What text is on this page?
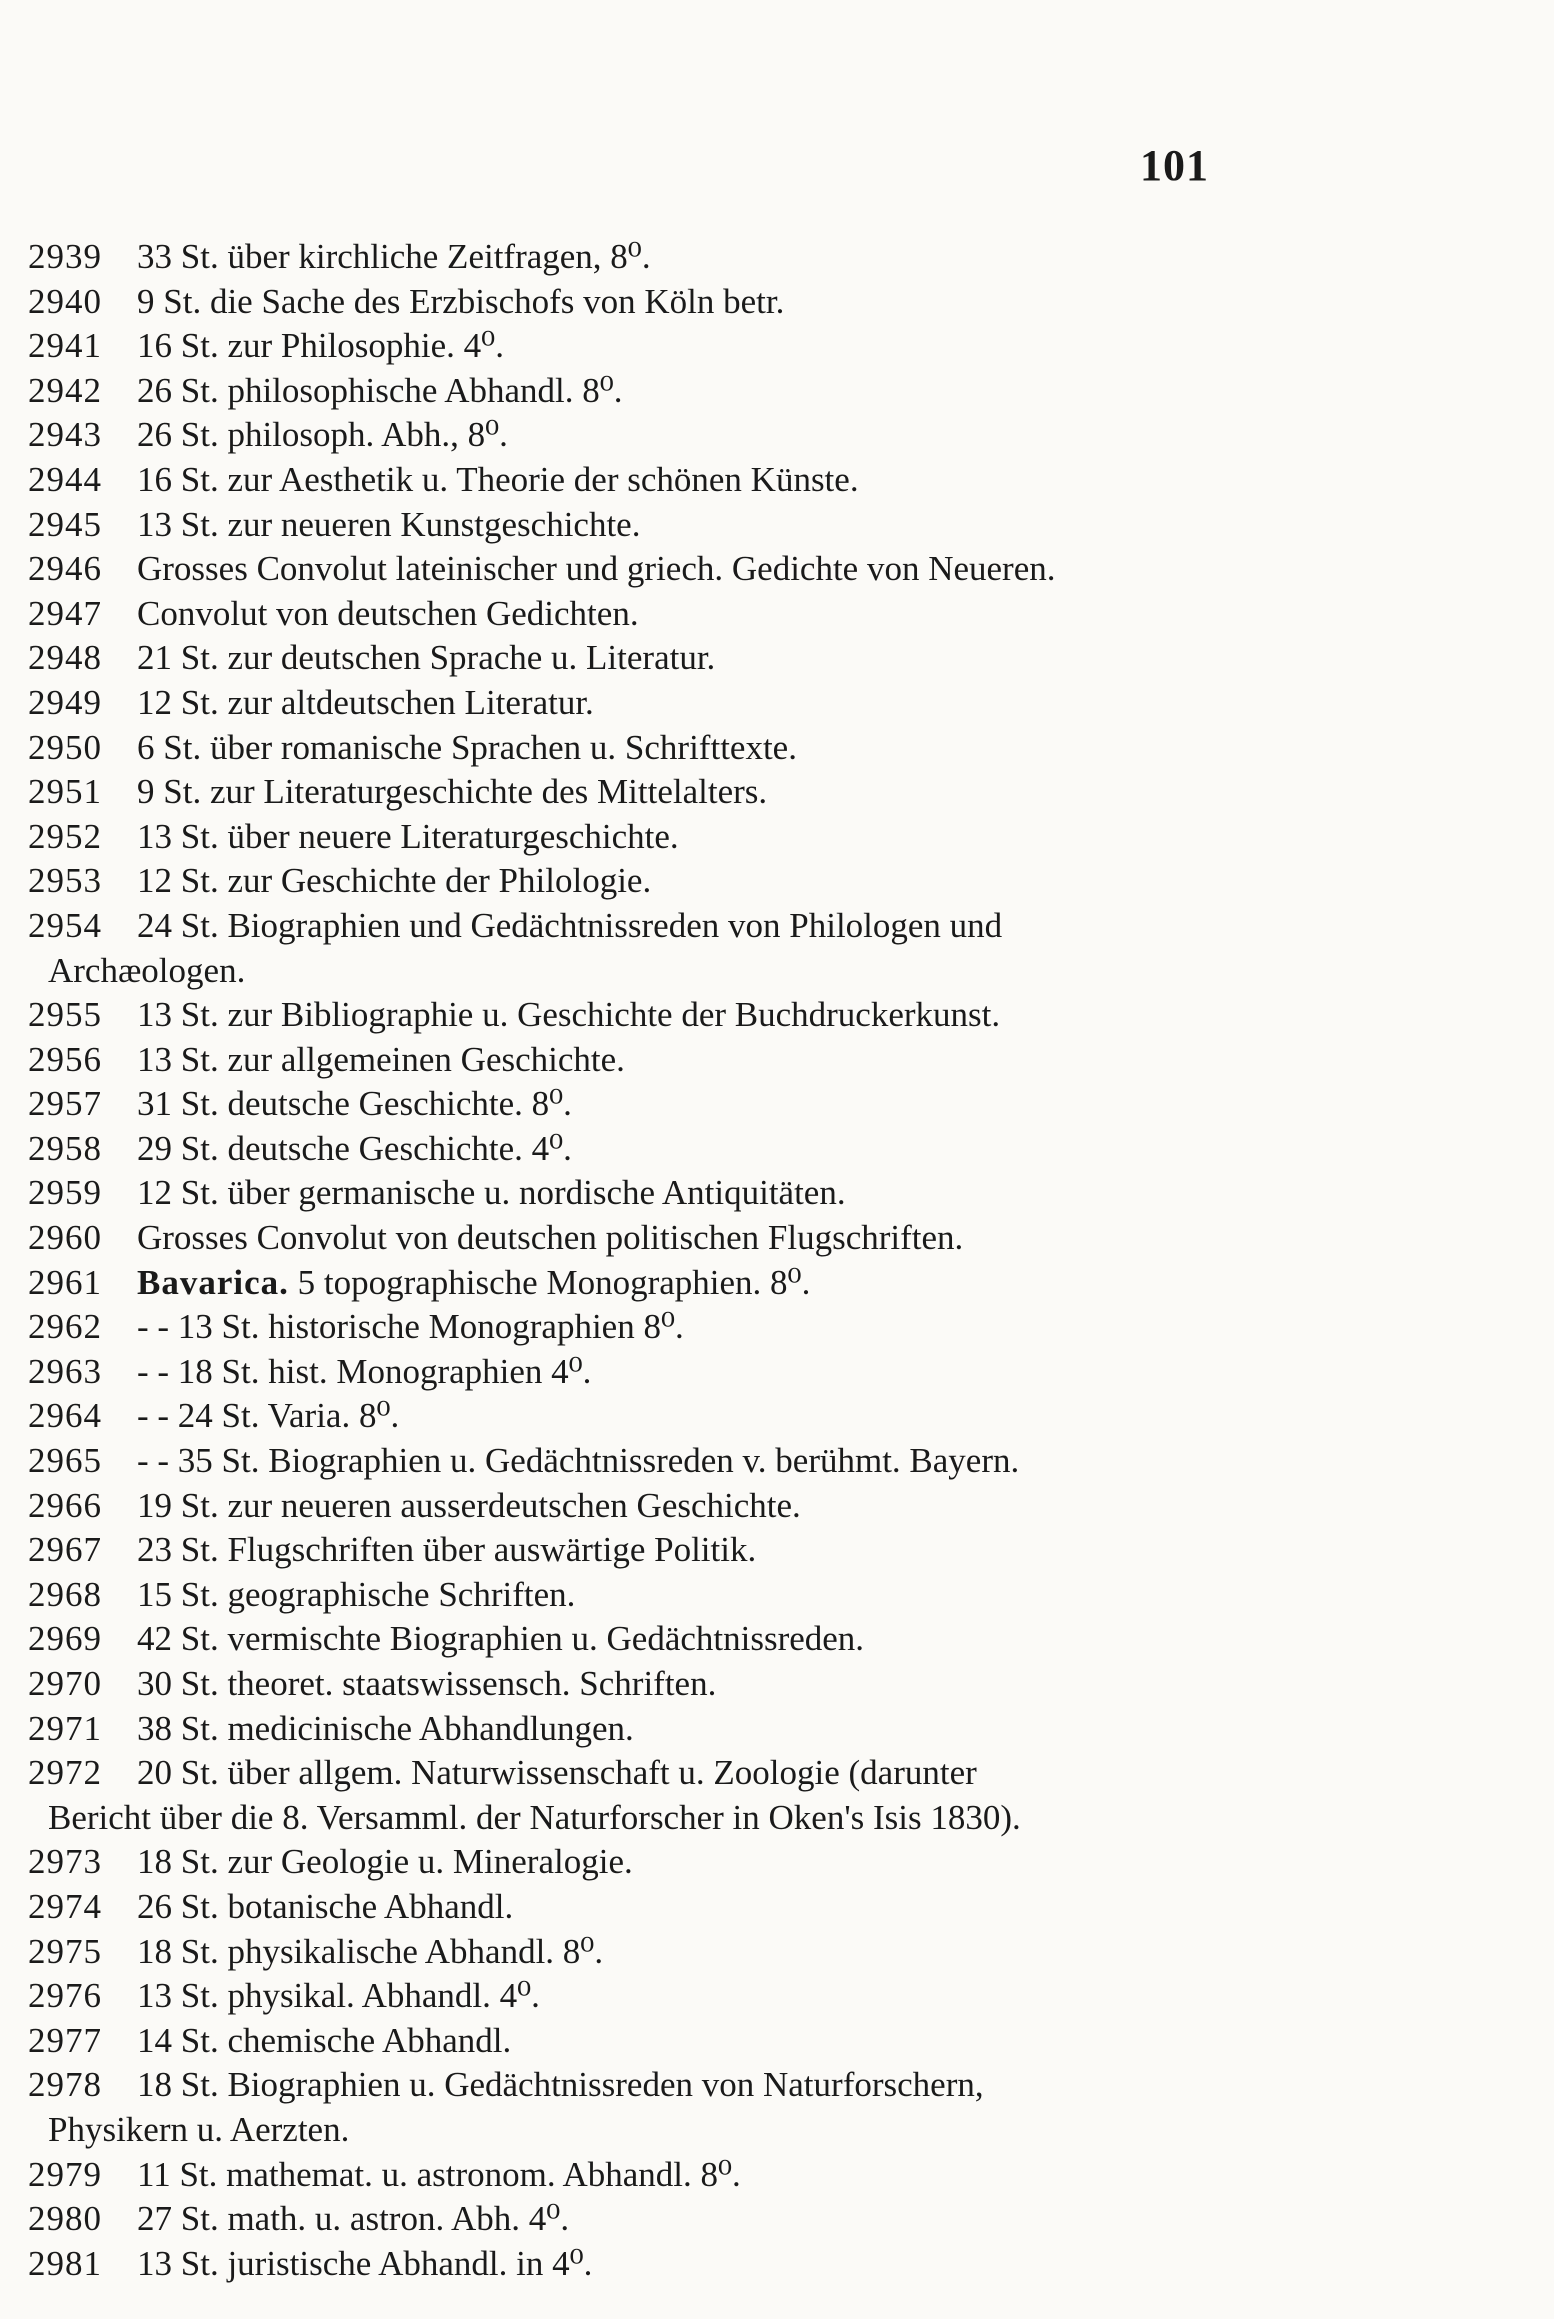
101
2939 33 St. über kirchliche Zeitfragen, 8⁰.
2940 9 St. die Sache des Erzbischofs von Köln betr.
2941 16 St. zur Philosophie. 4⁰.
2942 26 St. philosophische Abhandl. 8⁰.
2943 26 St. philosoph. Abh., 8⁰.
2944 16 St. zur Aesthetik u. Theorie der schönen Künste.
2945 13 St. zur neueren Kunstgeschichte.
2946 Grosses Convolut lateinischer und griech. Gedichte von Neueren.
2947 Convolut von deutschen Gedichten.
2948 21 St. zur deutschen Sprache u. Literatur.
2949 12 St. zur altdeutschen Literatur.
2950 6 St. über romanische Sprachen u. Schrifttexte.
2951 9 St. zur Literaturgeschichte des Mittelalters.
2952 13 St. über neuere Literaturgeschichte.
2953 12 St. zur Geschichte der Philologie.
2954 24 St. Biographien und Gedächtnissreden von Philologen und
Archæologen.
2955 13 St. zur Bibliographie u. Geschichte der Buchdruckerkunst.
2956 13 St. zur allgemeinen Geschichte.
2957 31 St. deutsche Geschichte. 8⁰.
2958 29 St. deutsche Geschichte. 4⁰.
2959 12 St. über germanische u. nordische Antiquitäten.
2960 Grosses Convolut von deutschen politischen Flugschriften.
2961 Bavarica. 5 topographische Monographien. 8⁰.
2962 - - 13 St. historische Monographien 8⁰.
2963 - - 18 St. hist. Monographien 4⁰.
2964 - - 24 St. Varia. 8⁰.
2965 - - 35 St. Biographien u. Gedächtnissreden v. berühmt. Bayern.
2966 19 St. zur neueren ausserdeutschen Geschichte.
2967 23 St. Flugschriften über auswärtige Politik.
2968 15 St. geographische Schriften.
2969 42 St. vermischte Biographien u. Gedächtnissreden.
2970 30 St. theoret. staatswissensch. Schriften.
2971 38 St. medicinische Abhandlungen.
2972 20 St. über allgem. Naturwissenschaft u. Zoologie (darunter
Bericht über die 8. Versamml. der Naturforscher in Oken's Isis 1830).
2973 18 St. zur Geologie u. Mineralogie.
2974 26 St. botanische Abhandl.
2975 18 St. physikalische Abhandl. 8⁰.
2976 13 St. physikal. Abhandl. 4⁰.
2977 14 St. chemische Abhandl.
2978 18 St. Biographien u. Gedächtnissreden von Naturforschern,
Physikern u. Aerzten.
2979 11 St. mathemat. u. astronom. Abhandl. 8⁰.
2980 27 St. math. u. astron. Abh. 4⁰.
2981 13 St. juristische Abhandl. in 4⁰.
